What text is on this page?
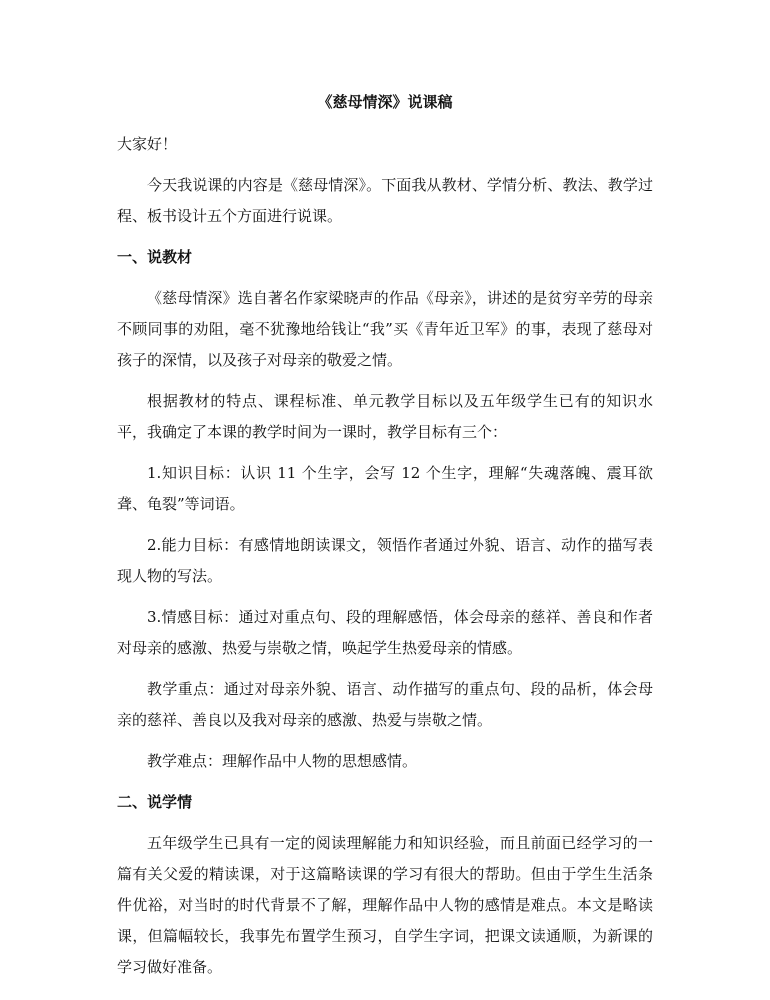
《慈母情深》说课稿

大家好！

今天我说课的内容是《慈母情深》。下面我从教材、学情分析、教法、教学过程、板书设计五个方面进行说课。

一、说教材

《慈母情深》选自著名作家梁晓声的作品《母亲》，讲述的是贫穷辛劳的母亲不顾同事的劝阻，毫不犹豫地给钱让“我”买《青年近卫军》的事，表现了慈母对孩子的深情，以及孩子对母亲的敬爱之情。

根据教材的特点、课程标准、单元教学目标以及五年级学生已有的知识水平，我确定了本课的教学时间为一课时，教学目标有三个：

1.知识目标：认识 11 个生字，会写 12 个生字，理解“失魂落魄、震耳欲聋、龟裂”等词语。

2.能力目标：有感情地朗读课文，领悟作者通过外貌、语言、动作的描写表现人物的写法。

3.情感目标：通过对重点句、段的理解感悟，体会母亲的慈祥、善良和作者对母亲的感激、热爱与崇敬之情，唤起学生热爱母亲的情感。

教学重点：通过对母亲外貌、语言、动作描写的重点句、段的品析，体会母亲的慈祥、善良以及我对母亲的感激、热爱与崇敬之情。

教学难点：理解作品中人物的思想感情。

二、说学情

五年级学生已具有一定的阅读理解能力和知识经验，而且前面已经学习的一篇有关父爱的精读课，对于这篇略读课的学习有很大的帮助。但由于学生生活条件优裕，对当时的时代背景不了解，理解作品中人物的感情是难点。本文是略读课，但篇幅较长，我事先布置学生预习，自学生字词，把课文读通顺，为新课的学习做好准备。
